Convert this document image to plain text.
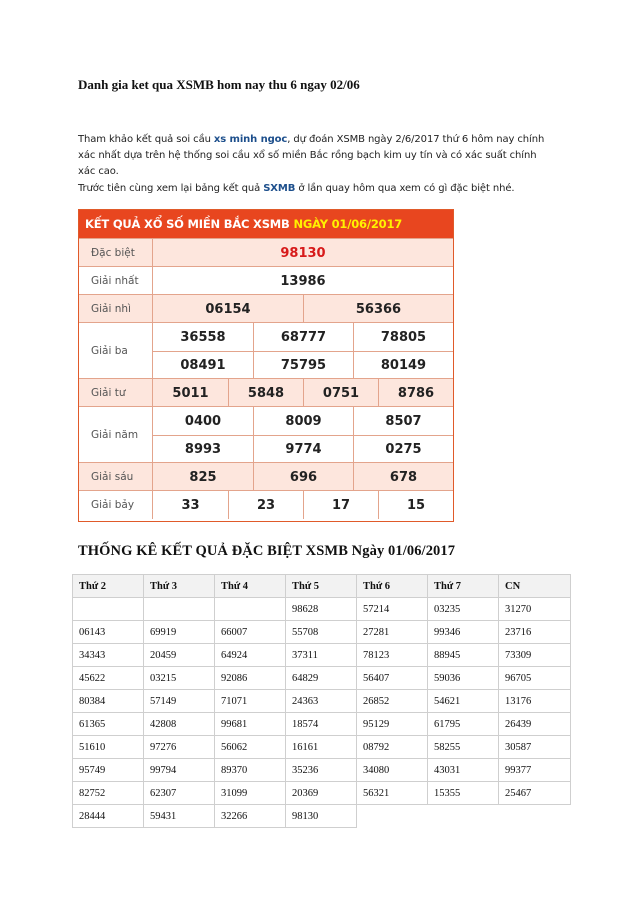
Danh gia ket qua XSMB hom nay thu 6 ngay 02/06
Tham khảo kết quả soi cầu xs minh ngoc, dự đoán XSMB ngày 2/6/2017 thứ 6 hôm nay chính xác nhất dựa trên hệ thống soi cầu xổ số miền Bắc rồng bạch kim uy tín và có xác suất chính xác cao.
Trước tiên cùng xem lại bảng kết quả SXMB ở lần quay hôm qua xem có gì đặc biệt nhé.
KẾT QUẢ XỔ SỐ MIỀN BẮC XSMB NGÀY 01/06/2017
Đặc biệt	98130
Giải nhất	13986
Giải nhì	06154	56366
Giải ba
36558	68777	78805
08491	75795	80149
Giải tư	5011	5848	0751	8786
Giải năm
0400	8009	8507
8993	9774	0275
Giải sáu	825	696	678
Giải bảy	33	23	17	15
THỐNG KÊ KẾT QUẢ ĐẶC BIỆT XSMB Ngày 01/06/2017
Thứ 2	Thứ 3	Thứ 4	Thứ 5	Thứ 6	Thứ 7	CN
			98628	57214	03235	31270
06143	69919	66007	55708	27281	99346	23716
34343	20459	64924	37311	78123	88945	73309
45622	03215	92086	64829	56407	59036	96705
80384	57149	71071	24363	26852	54621	13176
61365	42808	99681	18574	95129	61795	26439
51610	97276	56062	16161	08792	58255	30587
95749	99794	89370	35236	34080	43031	99377
82752	62307	31099	20369	56321	15355	25467
28444	59431	32266	98130			
